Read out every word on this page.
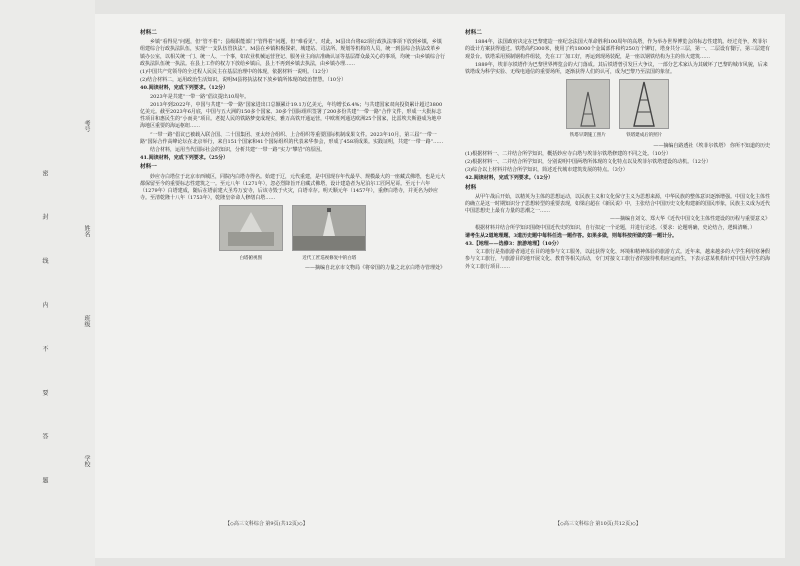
考号
姓名
班级
学校
密 封 线 内 不 要 答 题

材料二

乡镇“看得见”问题，但“管不着”；县级职能部门“管得着”问题，但“难看见”。对此，M县出台将82项行政执法事项下放到乡镇，乡镇组建综合行政执法队伍，实现“一支队伍管执法”。M县在乡镇积极探索，城建站、司法所、规划等机构的人员，统一到县综合执法改革乡镇办公室，以相关统一门、统一人、一个事，如农业机械运营登记、服务业主商店准确认证等基层群众最关心的事项，均统一由乡镇综合行政执法队伍统一执法。在县上工作的权力下放给乡镇后，县上不再到乡镇去执法，由乡镇办理……

(1)中国共产党领导的全过程人民民主在基层治理中的体现，依据材料一说明。（12分）

(2)结合材料二，运用政治生活知识，说明M县将执法权下放乡镇所体现的政治智慧。（10分）

40.阅读材料，完成下列要求。（12分）

2023年是共建“一带一路”倡议提出10周年。

2013年到2022年，中国与共建“一带一路”国家进出口总额累计19.1万亿美元，年均增长6.4%；与共建国家双向投资累计超过3800亿美元。截至2023年6月底，中国与五大洲的150多个国家、30多个国际组织签署了200多份共建“一带一路”合作文件，形成一大批标志性项目和惠民生的“小而美”项目。老挝人民的铁路梦变成现实，雅万高铁开通运营，中欧班列通达欧洲25个国家，比雷埃夫斯港成为地中海地区重要的海运枢纽……

“一带一路”倡议已被载入联合国、二十国集团、亚太经合组织、上合组织等重要国际机制成果文件。2023年10月，第三届“一带一路”国际合作高峰论坛在北京举行，来自151个国家和41个国际组织的代表来华参会，形成了458项成果。实践证明，共建“一带一路”……

结合材料，运用当代国际社会的知识，分析共建“一带一路”实力“攀岩”的原因。

41.阅读材料，完成下列要求。（25分）

材料一

妙应寺白塔位于北京市西城区，同院内白塔寺得名。始建于辽，元代重建，是中国现存年代最早、规模最大的一座藏式佛塔，也是元大都保留至今的重要标志性建筑之一。至元八年（1271年），忽必烈降旨开启藏式佛塔，设计建造者为尼泊尔工匠阿尼哥。至元十六年（1279年）白塔建成，随后在塔前建大圣寿万安寺，后该寺毁于火灾，白塔幸存。明天顺元年（1457年），重修白塔寺，并更名为妙应寺。至清乾隆十八年（1753年），乾隆皇帝命人修缮白塔……

白塔俯视图
	近代工匠巡视修复中的白塔

——摘编自北京市文物局《将帝国的力量之北京白塔寺管理处》

【◇高三文科综合 第9页(共12页)◇】

材料二

1884年，法国政府决定在巴黎建造一座纪念法国大革命胜利100周年的高塔，作为举办世界博览会的标志性建筑。经过竞争，埃菲尔的设计方案获得通过。铁塔高约300米，使用了约18000个金属部件和约250万个铆钉，塔身共分三层，第一、二层设有餐厅，第三层建有观景台。铁塔采用预制钢构件组装，先在工厂加工好，再运到现场装配，是一座以钢铁结构为主的伟大建筑……

1889年，埃菲尔铁塔作为巴黎世界博览会的大门落成。其后铁塔曾引发巨大争议，一部分艺术家认为其破坏了巴黎的城市风貌，后来铁塔成为科学实验、无线电通信的重要场所，逐渐获得人们的认可，成为巴黎乃至法国的象征。

铁塔早期施工照片
	铁塔建成后的照片

——摘编自路透社《埃菲尔铁塔》 你所不知道的历史

(1)根据材料一、二并结合所学知识，概括妙应寺白塔与埃菲尔铁塔修建的不同之处。（10分）

(2)根据材料一、二并结合所学知识，分别说明中国两塔所体现的文化特点以及埃菲尔铁塔建设的动机。（12分）

(3)综合以上材料并结合所学知识，简述近代城市建筑发展的特点。（3分）

42.阅读材料，完成下列要求。（12分）

材料

从甲午战后开始，以精英为主体的思想运动，以民族主义和文化保守主义为思想来源，中华民族的整体意识逐渐增强。中国文化主体性的确立是这一时期知识分子思想转型的重要表现，如梁启超在《新民说》中，主张结合中国历史文化构建新的国民形象，民族主义成为近代中国思想史上最有力量的思潮之一……

——摘编自刘文、郑大华《近代中国文化主体性建设的历程与重要意义》

根据材料并结合所学知识围绕中国近代史的知识，自行拟定一个论题，并进行论述。（要求：论题明确，史论结合，逻辑清晰。）

请考生从2道地理题、3道历史题中每科任选一题作答。如果多做，则每科按所做的第一题计分。

43.【地理——选修3：旅游地理】（10分）

文工旅行是指旅游者通过在目的地参与文工服务，以此获得文化、环境和精神体验的旅游方式。近年来，越来越多的大学生利用寒暑假参与文工旅行，与旅游目的地开展文化、教育等相关活动，专门对接文工旅行者的接待机构应运而生，下表示意某机构针对中国大学生的海外文工旅行项目……

【◇高三文科综合 第10页(共12页)◇】
